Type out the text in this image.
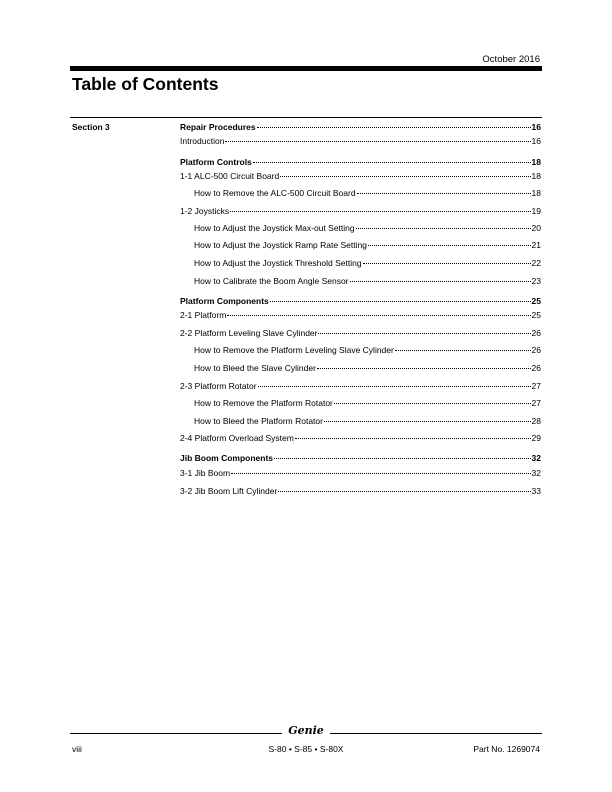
October 2016
Table of Contents
Section 3	Repair Procedures	16
Introduction	16
Platform Controls	18
1-1 ALC-500 Circuit Board	18
How to Remove the ALC-500 Circuit Board	18
1-2 Joysticks	19
How to Adjust the Joystick Max-out Setting	20
How to Adjust the Joystick Ramp Rate Setting	21
How to Adjust the Joystick Threshold Setting	22
How to Calibrate the Boom Angle Sensor	23
Platform Components	25
2-1 Platform	25
2-2 Platform Leveling Slave Cylinder	26
How to Remove the Platform Leveling Slave Cylinder	26
How to Bleed the Slave Cylinder	26
2-3 Platform Rotator	27
How to Remove the Platform Rotator	27
How to Bleed the Platform Rotator	28
2-4 Platform Overload System	29
Jib Boom Components	32
3-1 Jib Boom	32
3-2 Jib Boom Lift Cylinder	33
Genie
viii	S-80 • S-85 • S-80X	Part No. 1269074
